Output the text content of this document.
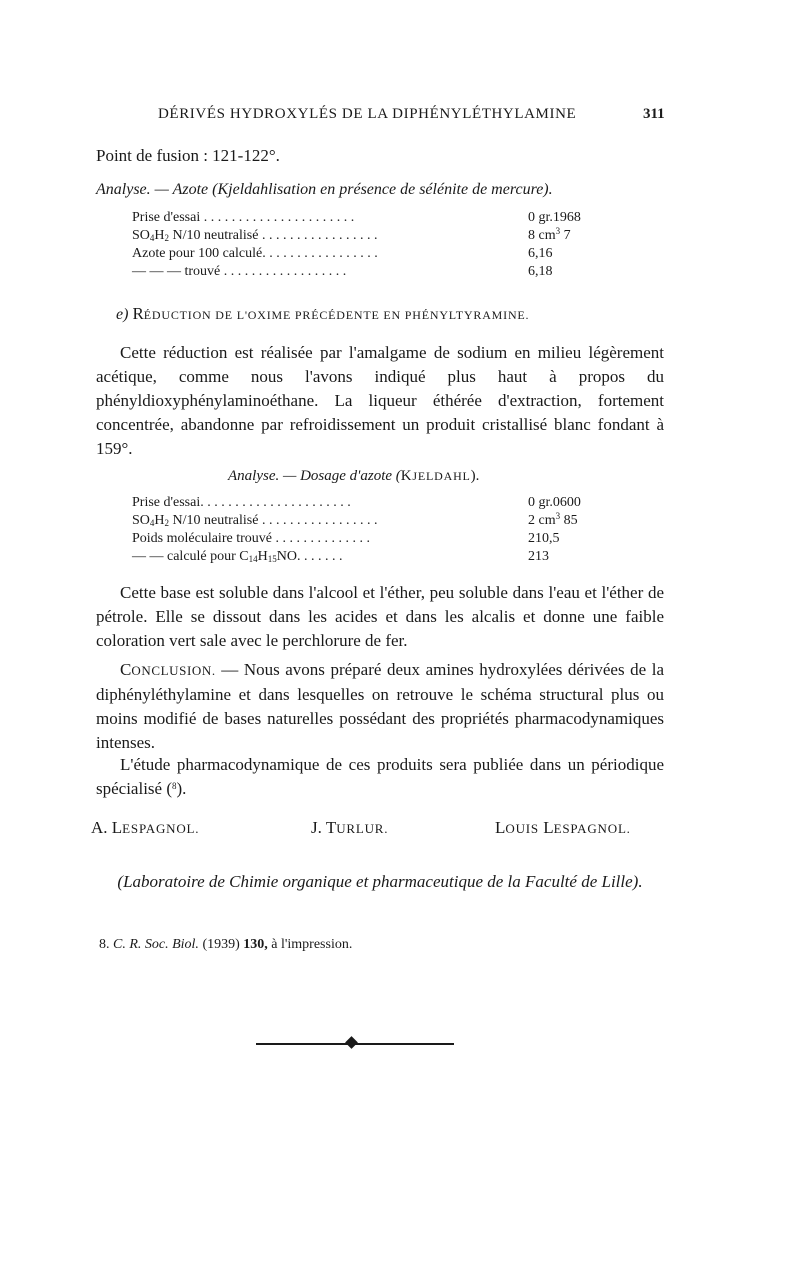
DÉRIVÉS HYDROXYLÉS DE LA DIPHÉNYLÉTHYLAMINE	311
Point de fusion : 121-122°.
Analyse. — Azote (Kjeldahlisation en présence de sélénite de mercure).
Prise d'essai . . . . . . . . . . . . . . . . . . . . . .	0 gr.1968
$SO_4H_2$ N/10 neutralisé . . . . . . . . . . . . . . . . .	8 $cm^3$ 7
Azote pour 100 calculé. . . . . . . . . . . . . . . . .	6,16
— — — trouvé . . . . . . . . . . . . . . . . . .	6,18
e) RÉDUCTION DE L'OXIME PRÉCÉDENTE EN PHÉNYLTYRAMINE.
Cette réduction est réalisée par l'amalgame de sodium en milieu légèrement acétique, comme nous l'avons indiqué plus haut à propos du phényldioxyphénylaminoéthane. La liqueur éthérée d'extraction, fortement concentrée, abandonne par refroidissement un produit cristallisé blanc fondant à 159°.
Analyse. — Dosage d'azote (KJELDAHL).
Prise d'essai. . . . . . . . . . . . . . . . . . . . . .	0 gr.0600
$SO_4H_2$ N/10 neutralisé . . . . . . . . . . . . . . . . .	2 $cm^3$ 85
Poids moléculaire trouvé . . . . . . . . . . . . . .	210,5
— — calculé pour $C_{14}H_{15}NO$. . . . . . .	213
Cette base est soluble dans l'alcool et l'éther, peu soluble dans l'eau et l'éther de pétrole. Elle se dissout dans les acides et dans les alcalis et donne une faible coloration vert sale avec le perchlorure de fer.
CONCLUSION. — Nous avons préparé deux amines hydroxylées dérivées de la diphényléthylamine et dans lesquelles on retrouve le schéma structural plus ou moins modifié de bases naturelles possédant des propriétés pharmacodynamiques intenses.
L'étude pharmacodynamique de ces produits sera publiée dans un périodique spécialisé ($^8$).
A. LESPAGNOL.	J. TURLUR.	LOUIS LESPAGNOL.
(Laboratoire de Chimie organique et pharmaceutique de la Faculté de Lille).
8. C. R. Soc. Biol. (1939) 130, à l'impression.
